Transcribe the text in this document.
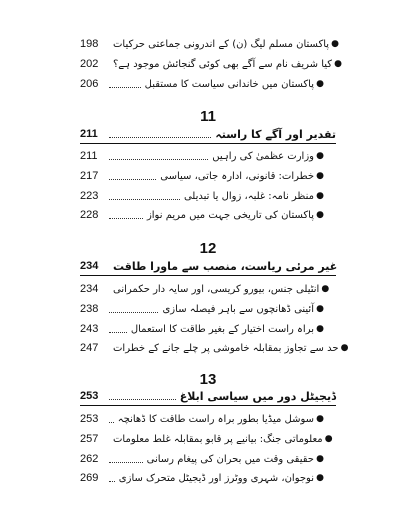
198	پاکستان مسلم لیگ (ن) کے اندرونی جماعتی حرکیات ●
202	کیا شریف نام سے آگے بھی کوئی گنجائش موجود ہے؟ ●
206	پاکستان میں خاندانی سیاست کا مستقبل ●
11
211	تقدیر اور آگے کا راستہ
211	وزارت عظمیٰ کی راہیں ●
217	خطرات: قانونی، ادارہ جاتی، سیاسی ●
223	منظر نامہ: غلبہ، زوال یا تبدیلی ●
228	پاکستان کی تاریخی جہت میں مریم نواز ●
12
234	غیر مرئی ریاست، منصب سے ماورا طاقت
234	انٹیلی جنس، بیورو کریسی، اور سایہ دار حکمرانی ●
238	آئینی ڈھانچوں سے باہر فیصلہ سازی ●
243	براہ راست اختیار کے بغیر طاقت کا استعمال ●
247	حد سے تجاوز بمقابلہ خاموشی پر چلے جانے کے خطرات ●
13
253	ڈیجیٹل دور میں سیاسی ابلاغ
253	سوشل میڈیا بطور براہ راست طاقت کا ڈھانچہ ●
257	معلوماتی جنگ: بیانیے پر قابو بمقابلہ غلط معلومات ●
262	حقیقی وقت میں بحران کی پیغام رسانی ●
269	نوجوان، شہری ووٹرز اور ڈیجیٹل متحرک سازی ●
